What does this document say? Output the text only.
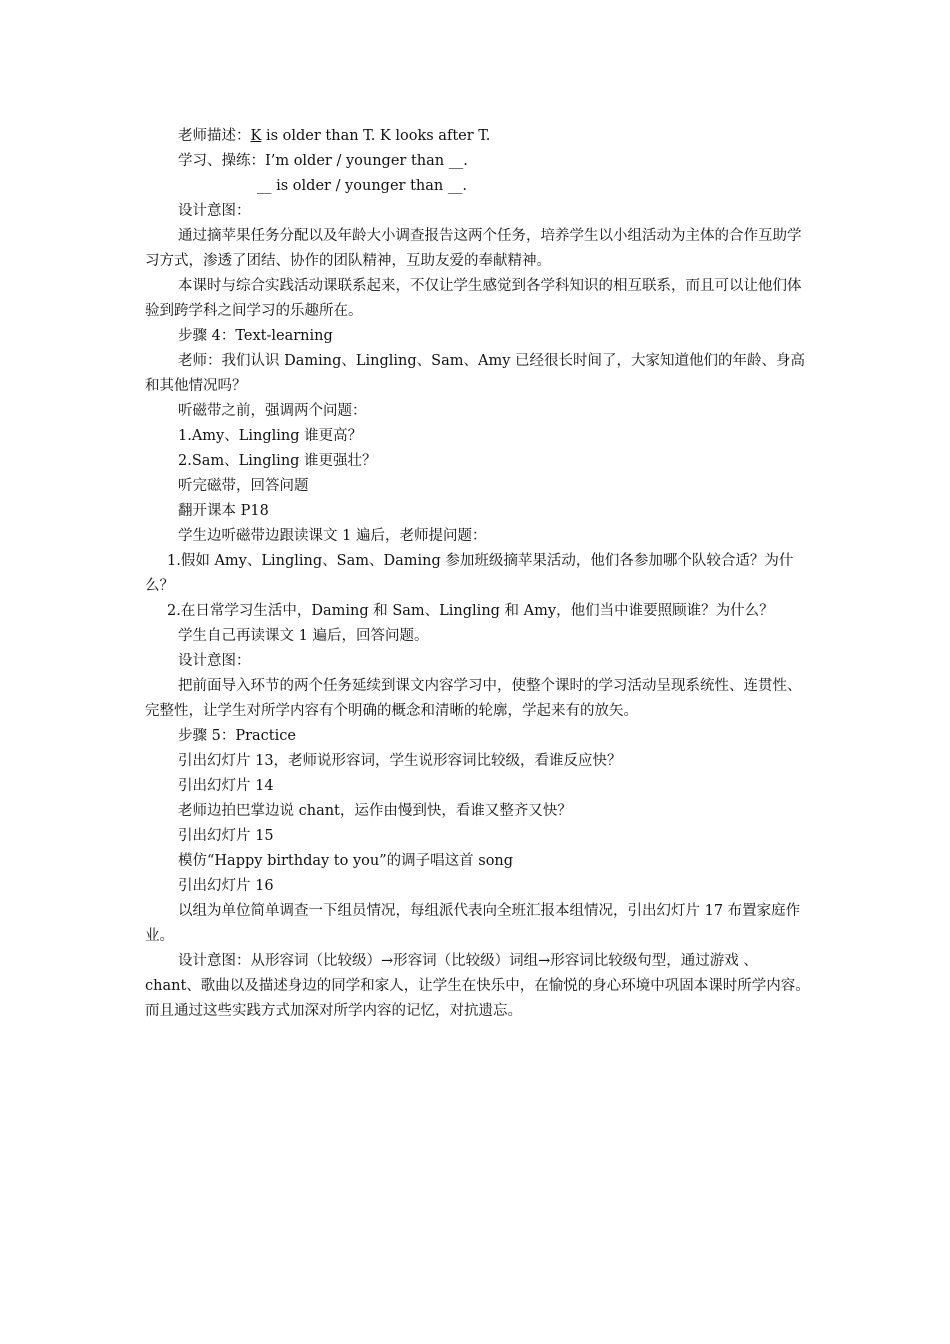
老师描述：K is older than T. K looks after T.

学习、操练：I’m older / younger than __.

__ is older / younger than __.

设计意图：

通过摘苹果任务分配以及年龄大小调查报告这两个任务，培养学生以小组活动为主体的合作互助学习方式，渗透了团结、协作的团队精神，互助友爱的奉献精神。

本课时与综合实践活动课联系起来，不仅让学生感觉到各学科知识的相互联系，而且可以让他们体验到跨学科之间学习的乐趣所在。

步骤 4：Text-learning

老师：我们认识 Daming、Lingling、Sam、Amy 已经很长时间了，大家知道他们的年龄、身高和其他情况吗？

听磁带之前，强调两个问题：

1.Amy、Lingling 谁更高？

2.Sam、Lingling 谁更强壮？

听完磁带，回答问题

翻开课本 P18

学生边听磁带边跟读课文 1 遍后，老师提问题：

1.假如 Amy、Lingling、Sam、Daming 参加班级摘苹果活动，他们各参加哪个队较合适？为什么？

2.在日常学习生活中，Daming 和 Sam、Lingling 和 Amy，他们当中谁要照顾谁？为什么？

学生自己再读课文 1 遍后，回答问题。

设计意图：

把前面导入环节的两个任务延续到课文内容学习中，使整个课时的学习活动呈现系统性、连贯性、完整性，让学生对所学内容有个明确的概念和清晰的轮廓，学起来有的放矢。

步骤 5：Practice

引出幻灯片 13，老师说形容词，学生说形容词比较级，看谁反应快？

引出幻灯片 14

老师边拍巴掌边说 chant，运作由慢到快，看谁又整齐又快？

引出幻灯片 15

模仿“Happy birthday to you”的调子唱这首 song

引出幻灯片 16

以组为单位简单调查一下组员情况，每组派代表向全班汇报本组情况，引出幻灯片 17 布置家庭作业。

设计意图：从形容词（比较级）→形容词（比较级）词组→形容词比较级句型，通过游戏 、chant、歌曲以及描述身边的同学和家人，让学生在快乐中，在愉悦的身心环境中巩固本课时所学内容。而且通过这些实践方式加深对所学内容的记忆，对抗遗忘。
